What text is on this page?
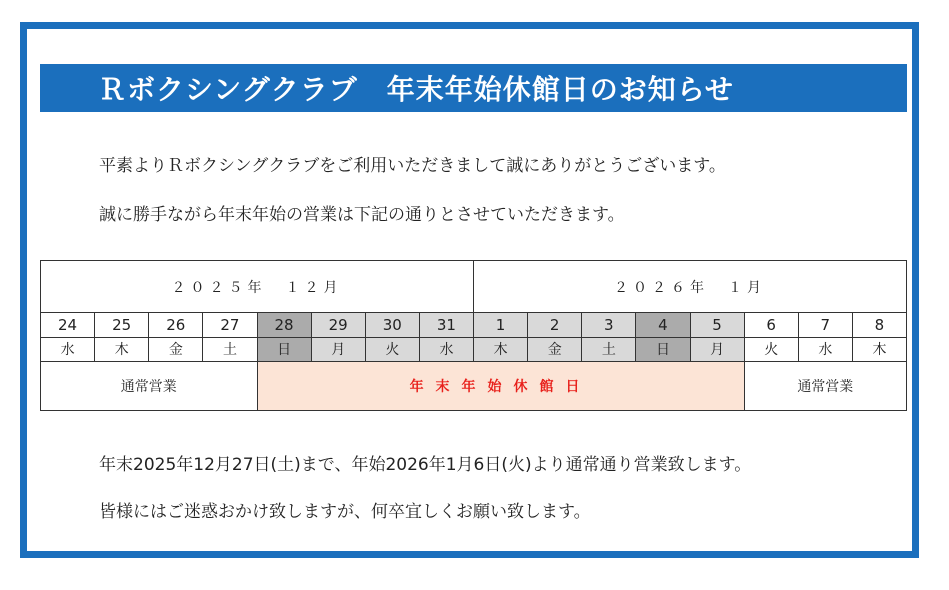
Ｒボクシングクラブ　年末年始休館日のお知らせ
平素よりＲボクシングクラブをご利用いただきまして誠にありがとうございます。
誠に勝手ながら年末年始の営業は下記の通りとさせていただきます。
２０２５年　１２月								２０２６年　１月							
24	25	26	27	28	29	30	31	1	2	3	4	5	6	7	8
水	木	金	土	日	月	火	水	木	金	土	日	月	火	水	木
通常営業				年末年始休館日									通常営業		
年末2025年12月27日(土)まで、年始2026年1月6日(火)より通常通り営業致します。
皆様にはご迷惑おかけ致しますが、何卒宜しくお願い致します。
